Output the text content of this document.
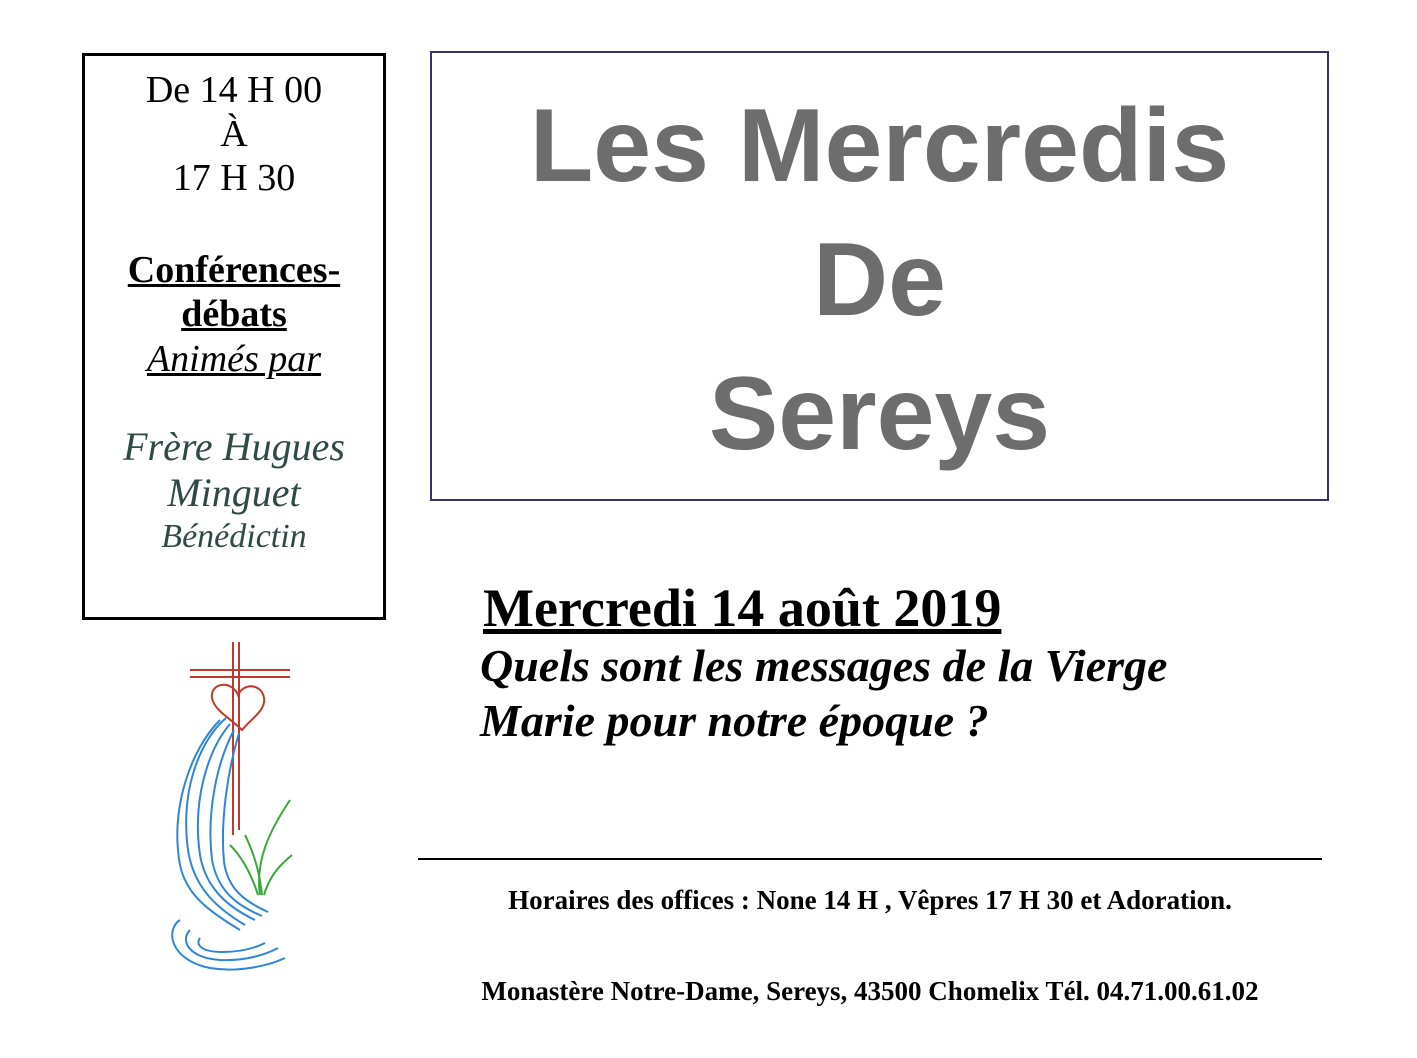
De 14 H 00
À
17 H 30
Conférences-
débats
Animés par
Frère Hugues
Minguet
Bénédictin
Les Mercredis
De
Sereys
Mercredi 14 août 2019
Quels sont les messages de la Vierge
Marie pour notre époque ?
Horaires des offices : None 14 H , Vêpres 17 H 30 et Adoration.
Monastère Notre-Dame, Sereys, 43500 Chomelix Tél. 04.71.00.61.02
